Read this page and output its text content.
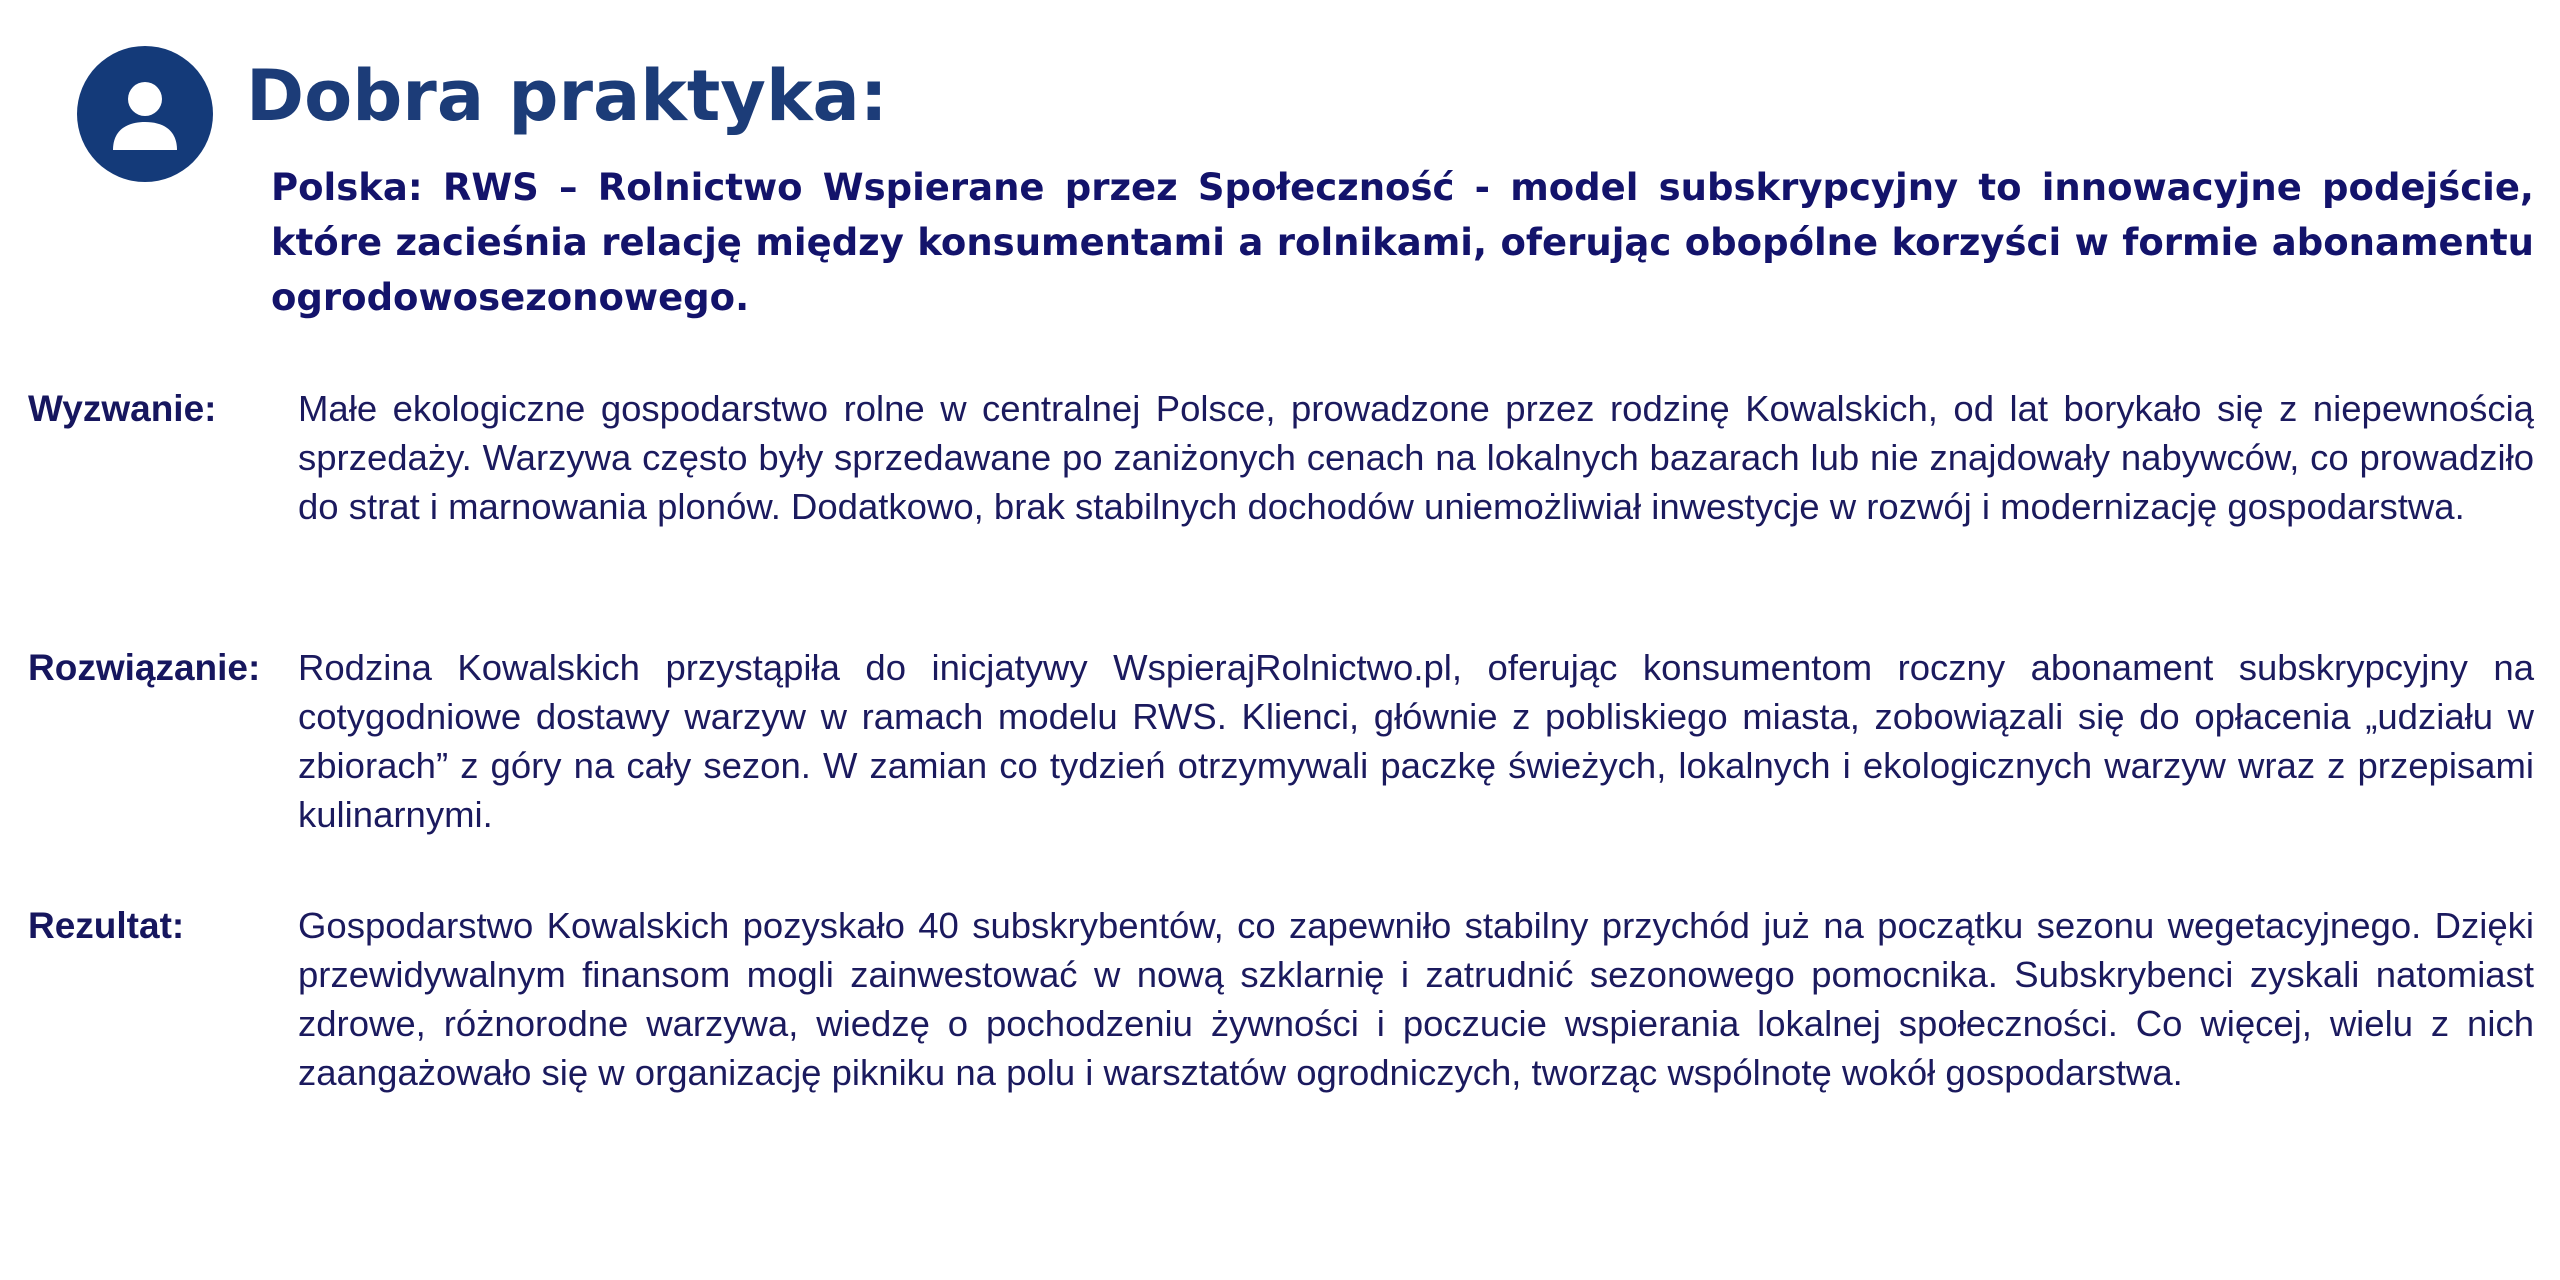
Dobra praktyka:

Polska: RWS – Rolnictwo Wspierane przez Społeczność - model subskrypcyjny to innowacyjne podejście, które zacieśnia relację między konsumentami a rolnikami, oferując obopólne korzyści w formie abonamentu ogrodowosezonowego.

Wyzwanie: Małe ekologiczne gospodarstwo rolne w centralnej Polsce, prowadzone przez rodzinę Kowalskich, od lat borykało się z niepewnością sprzedaży. Warzywa często były sprzedawane po zaniżonych cenach na lokalnych bazarach lub nie znajdowały nabywców, co prowadziło do strat i marnowania plonów. Dodatkowo, brak stabilnych dochodów uniemożliwiał inwestycje w rozwój i modernizację gospodarstwa.

Rozwiązanie: Rodzina Kowalskich przystąpiła do inicjatywy WspierajRolnictwo.pl, oferując konsumentom roczny abonament subskrypcyjny na cotygodniowe dostawy warzyw w ramach modelu RWS. Klienci, głównie z pobliskiego miasta, zobowiązali się do opłacenia „udziału w zbiorach” z góry na cały sezon. W zamian co tydzień otrzymywali paczkę świeżych, lokalnych i ekologicznych warzyw wraz z przepisami kulinarnymi.

Rezultat:	Gospodarstwo Kowalskich pozyskało 40 subskrybentów, co zapewniło stabilny przychód już na początku sezonu wegetacyjnego. Dzięki przewidywalnym finansom mogli zainwestować w nową szklarnię i zatrudnić sezonowego pomocnika. Subskrybenci zyskali natomiast zdrowe, różnorodne warzywa, wiedzę o pochodzeniu żywności i poczucie wspierania lokalnej społeczności. Co więcej, wielu z nich zaangażowało się w organizację pikniku na polu i warsztatów ogrodniczych, tworząc wspólnotę wokół gospodarstwa.
